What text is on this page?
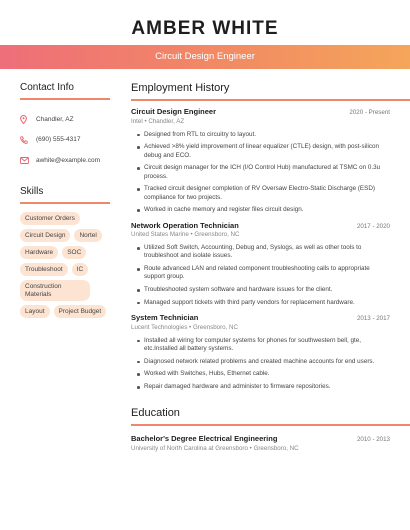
AMBER WHITE
Circuit Design Engineer
Contact Info
Chandler, AZ
(690) 555-4317
awhite@example.com
Skills
Customer Orders
Circuit Design	Nortel
Hardware	SOC
Troubleshoot	IC
Construction Materials
Layout	Project Budget
Employment History
Circuit Design Engineer	2020 - Present
Intel • Chandler, AZ
Designed from RTL to circuitry to layout.
Achieved >8% yield improvement of linear equalizer (CTLE) design, with post-silicon debug and ECO.
Circuit design manager for the ICH (I/O Control Hub) manufactured at TSMC on 0.3u process.
Tracked circuit designer completion of RV Oversaw Electro-Static Discharge (ESD) compliance for two projects.
Worked in cache memory and register files circuit design.
Network Operation Technician	2017 - 2020
United States Marine • Greensboro, NC
Utilized Soft Switch, Accounting, Debug and, Syslogs, as well as other tools to troubleshoot and isolate issues.
Route advanced LAN and related component troubleshooting calls to appropriate support group.
Troubleshooted system software and hardware issues for the client.
Managed support tickets with third party vendors for replacement hardware.
System Technician	2013 - 2017
Lucent Technologies • Greensboro, NC
Installed all wiring for computer systems for phones for southwestern bell, gte, etc.Installed all battery systems.
Diagnosed network related problems and created machine accounts for end users.
Worked with Switches, Hubs, Ethernet cable.
Repair damaged hardware and administer to firmware repositories.
Education
Bachelor's Degree Electrical Engineering	2010 - 2013
University of North Carolina at Greensboro • Greensboro, NC
